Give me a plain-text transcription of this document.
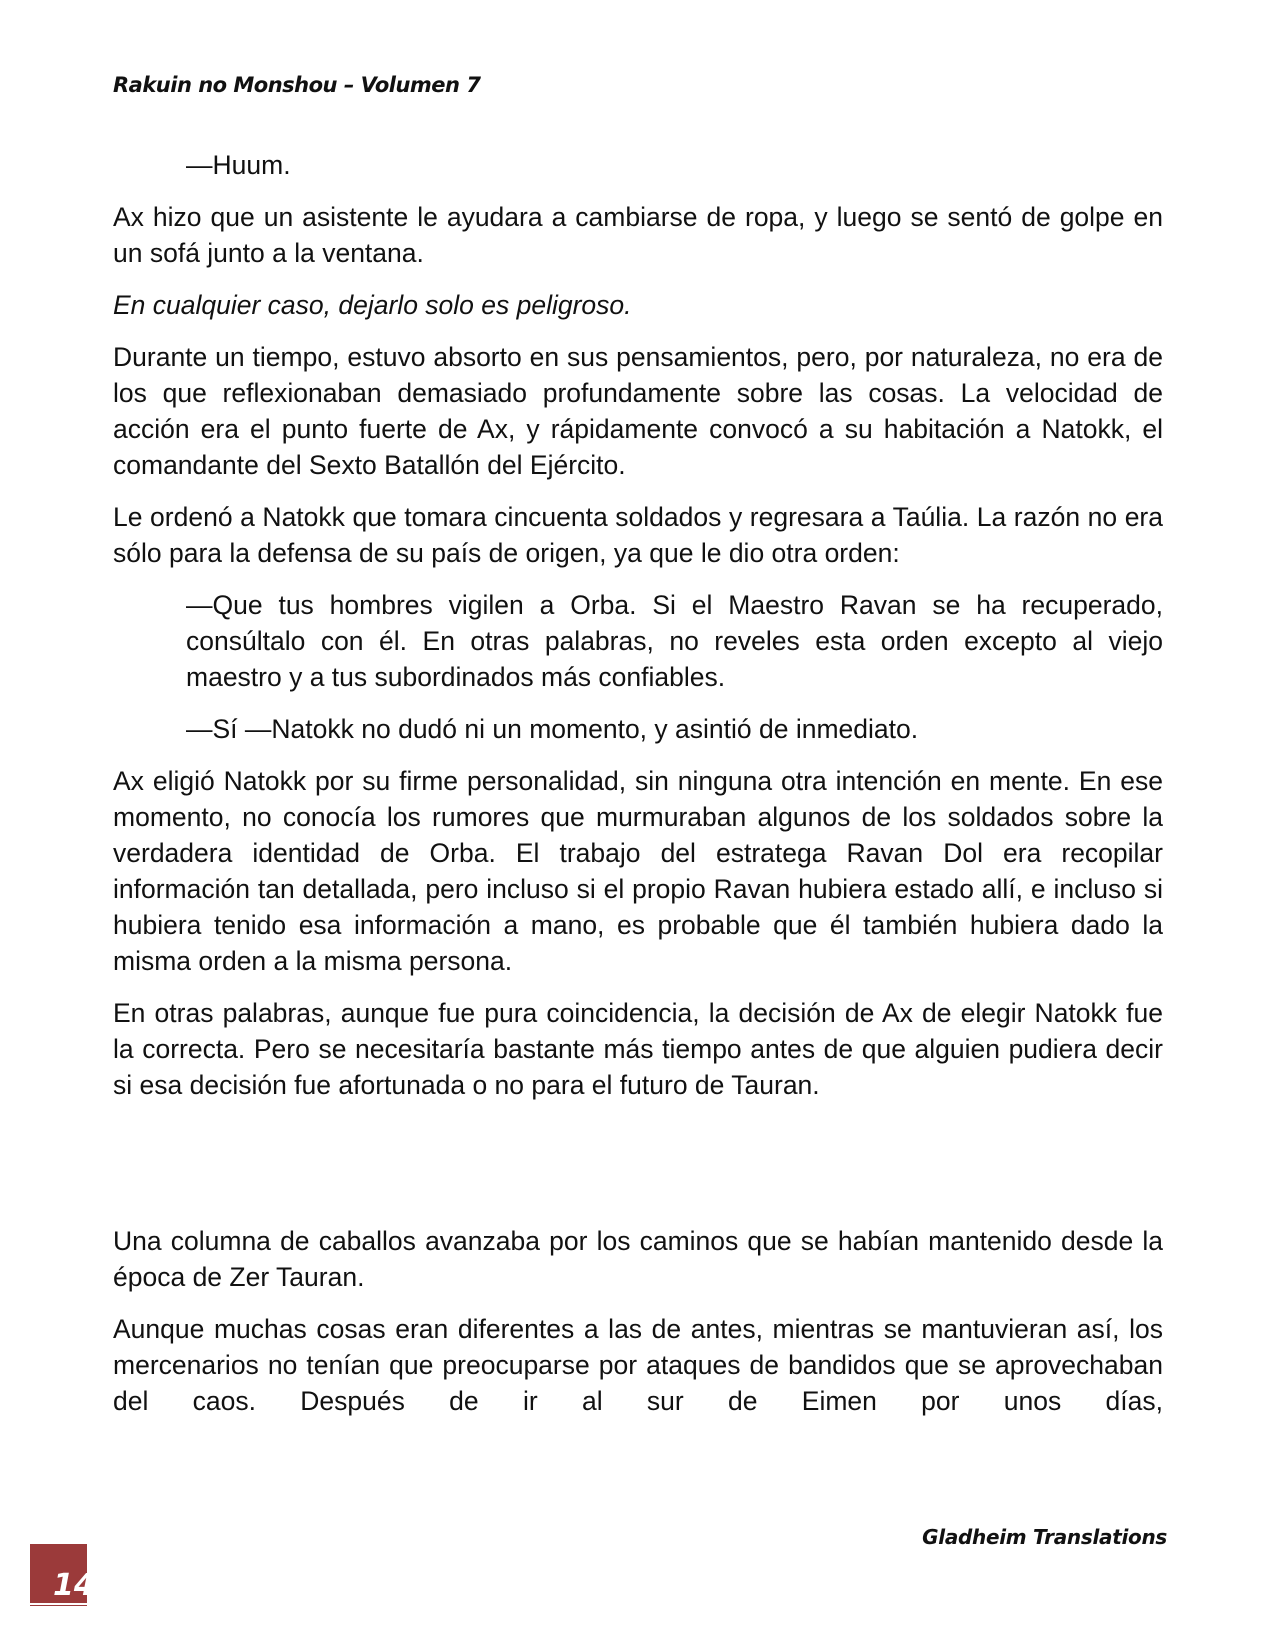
Rakuin no Monshou – Volumen 7

—Huum.

Ax hizo que un asistente le ayudara a cambiarse de ropa, y luego se sentó de golpe en un sofá junto a la ventana.

En cualquier caso, dejarlo solo es peligroso.

Durante un tiempo, estuvo absorto en sus pensamientos, pero, por naturaleza, no era de los que reflexionaban demasiado profundamente sobre las cosas. La velocidad de acción era el punto fuerte de Ax, y rápidamente convocó a su habitación a Natokk, el comandante del Sexto Batallón del Ejército.

Le ordenó a Natokk que tomara cincuenta soldados y regresara a Taúlia. La razón no era sólo para la defensa de su país de origen, ya que le dio otra orden:

—Que tus hombres vigilen a Orba. Si el Maestro Ravan se ha recuperado, consúltalo con él. En otras palabras, no reveles esta orden excepto al viejo maestro y a tus subordinados más confiables.

—Sí —Natokk no dudó ni un momento, y asintió de inmediato.

Ax eligió Natokk por su firme personalidad, sin ninguna otra intención en mente. En ese momento, no conocía los rumores que murmuraban algunos de los soldados sobre la verdadera identidad de Orba. El trabajo del estratega Ravan Dol era recopilar información tan detallada, pero incluso si el propio Ravan hubiera estado allí, e incluso si hubiera tenido esa información a mano, es probable que él también hubiera dado la misma orden a la misma persona.

En otras palabras, aunque fue pura coincidencia, la decisión de Ax de elegir Natokk fue la correcta. Pero se necesitaría bastante más tiempo antes de que alguien pudiera decir si esa decisión fue afortunada o no para el futuro de Tauran.

Una columna de caballos avanzaba por los caminos que se habían mantenido desde la época de Zer Tauran.

Aunque muchas cosas eran diferentes a las de antes, mientras se mantuvieran así, los mercenarios no tenían que preocuparse por ataques de bandidos que se aprovechaban del caos. Después de ir al sur de Eimen por unos días,

Gladheim Translations
14
